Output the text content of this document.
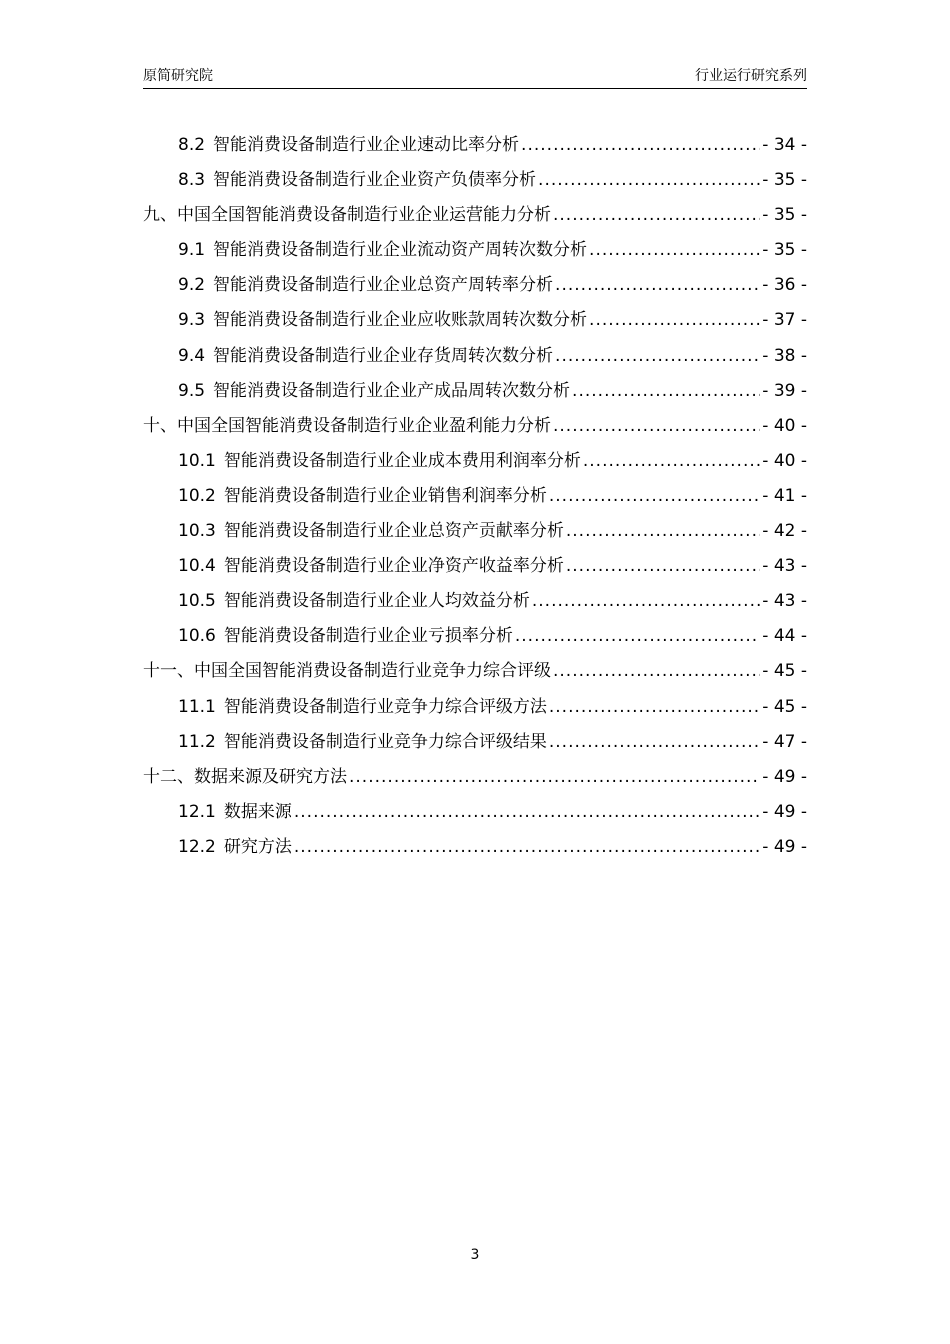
原简研究院	行业运行研究系列
8.2 智能消费设备制造行业企业速动比率分析 .....	- 34 -
8.3 智能消费设备制造行业企业资产负债率分析 .....	- 35 -
九、中国全国智能消费设备制造行业企业运营能力分析 .....	- 35 -
9.1 智能消费设备制造行业企业流动资产周转次数分析 .....	- 35 -
9.2 智能消费设备制造行业企业总资产周转率分析 .....	- 36 -
9.3 智能消费设备制造行业企业应收账款周转次数分析 .....	- 37 -
9.4 智能消费设备制造行业企业存货周转次数分析 .....	- 38 -
9.5 智能消费设备制造行业企业产成品周转次数分析 .....	- 39 -
十、中国全国智能消费设备制造行业企业盈利能力分析 .....	- 40 -
10.1 智能消费设备制造行业企业成本费用利润率分析 .....	- 40 -
10.2 智能消费设备制造行业企业销售利润率分析 .....	- 41 -
10.3 智能消费设备制造行业企业总资产贡献率分析 .....	- 42 -
10.4 智能消费设备制造行业企业净资产收益率分析 .....	- 43 -
10.5 智能消费设备制造行业企业人均效益分析 .....	- 43 -
10.6 智能消费设备制造行业企业亏损率分析 .....	- 44 -
十一、中国全国智能消费设备制造行业竞争力综合评级 .....	- 45 -
11.1 智能消费设备制造行业竞争力综合评级方法 .....	- 45 -
11.2 智能消费设备制造行业竞争力综合评级结果 .....	- 47 -
十二、数据来源及研究方法 .....	- 49 -
12.1 数据来源 .....	- 49 -
12.2 研究方法 .....	- 49 -
3
